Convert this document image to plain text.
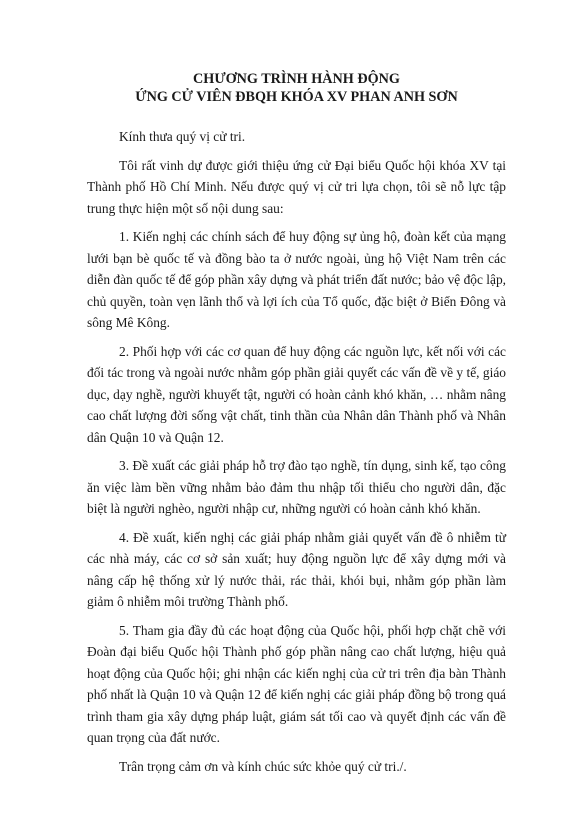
CHƯƠNG TRÌNH HÀNH ĐỘNG
ỨNG CỬ VIÊN ĐBQH KHÓA XV PHAN ANH SƠN

Kính thưa quý vị cử tri.

Tôi rất vinh dự được giới thiệu ứng cử Đại biểu Quốc hội khóa XV tại Thành phố Hồ Chí Minh. Nếu được quý vị cử tri lựa chọn, tôi sẽ nỗ lực tập trung thực hiện một số nội dung sau:

1. Kiến nghị các chính sách để huy động sự ủng hộ, đoàn kết của mạng lưới bạn bè quốc tế và đồng bào ta ở nước ngoài, ủng hộ Việt Nam trên các diễn đàn quốc tế để góp phần xây dựng và phát triển đất nước; bảo vệ độc lập, chủ quyền, toàn vẹn lãnh thổ và lợi ích của Tổ quốc, đặc biệt ở Biển Đông và sông Mê Kông.

2. Phối hợp với các cơ quan để huy động các nguồn lực, kết nối với các đối tác trong và ngoài nước nhằm góp phần giải quyết các vấn đề về y tế, giáo dục, dạy nghề, người khuyết tật, người có hoàn cảnh khó khăn, … nhằm nâng cao chất lượng đời sống vật chất, tinh thần của Nhân dân Thành phố và Nhân dân Quận 10 và Quận 12.

3. Đề xuất các giải pháp hỗ trợ đào tạo nghề, tín dụng, sinh kế, tạo công ăn việc làm bền vững nhằm bảo đảm thu nhập tối thiểu cho người dân, đặc biệt là người nghèo, người nhập cư, những người có hoàn cảnh khó khăn.

4. Đề xuất, kiến nghị các giải pháp nhằm giải quyết vấn đề ô nhiễm từ các nhà máy, các cơ sở sản xuất; huy động nguồn lực để xây dựng mới và nâng cấp hệ thống xử lý nước thải, rác thải, khói bụi, nhằm góp phần làm giảm ô nhiễm môi trường Thành phố.

5. Tham gia đầy đủ các hoạt động của Quốc hội, phối hợp chặt chẽ với Đoàn đại biểu Quốc hội Thành phố góp phần nâng cao chất lượng, hiệu quả hoạt động của Quốc hội; ghi nhận các kiến nghị của cử tri trên địa bàn Thành phố nhất là Quận 10 và Quận 12 để kiến nghị các giải pháp đồng bộ trong quá trình tham gia xây dựng pháp luật, giám sát tối cao và quyết định các vấn đề quan trọng của đất nước.

Trân trọng cảm ơn và kính chúc sức khỏe quý cử tri./.
